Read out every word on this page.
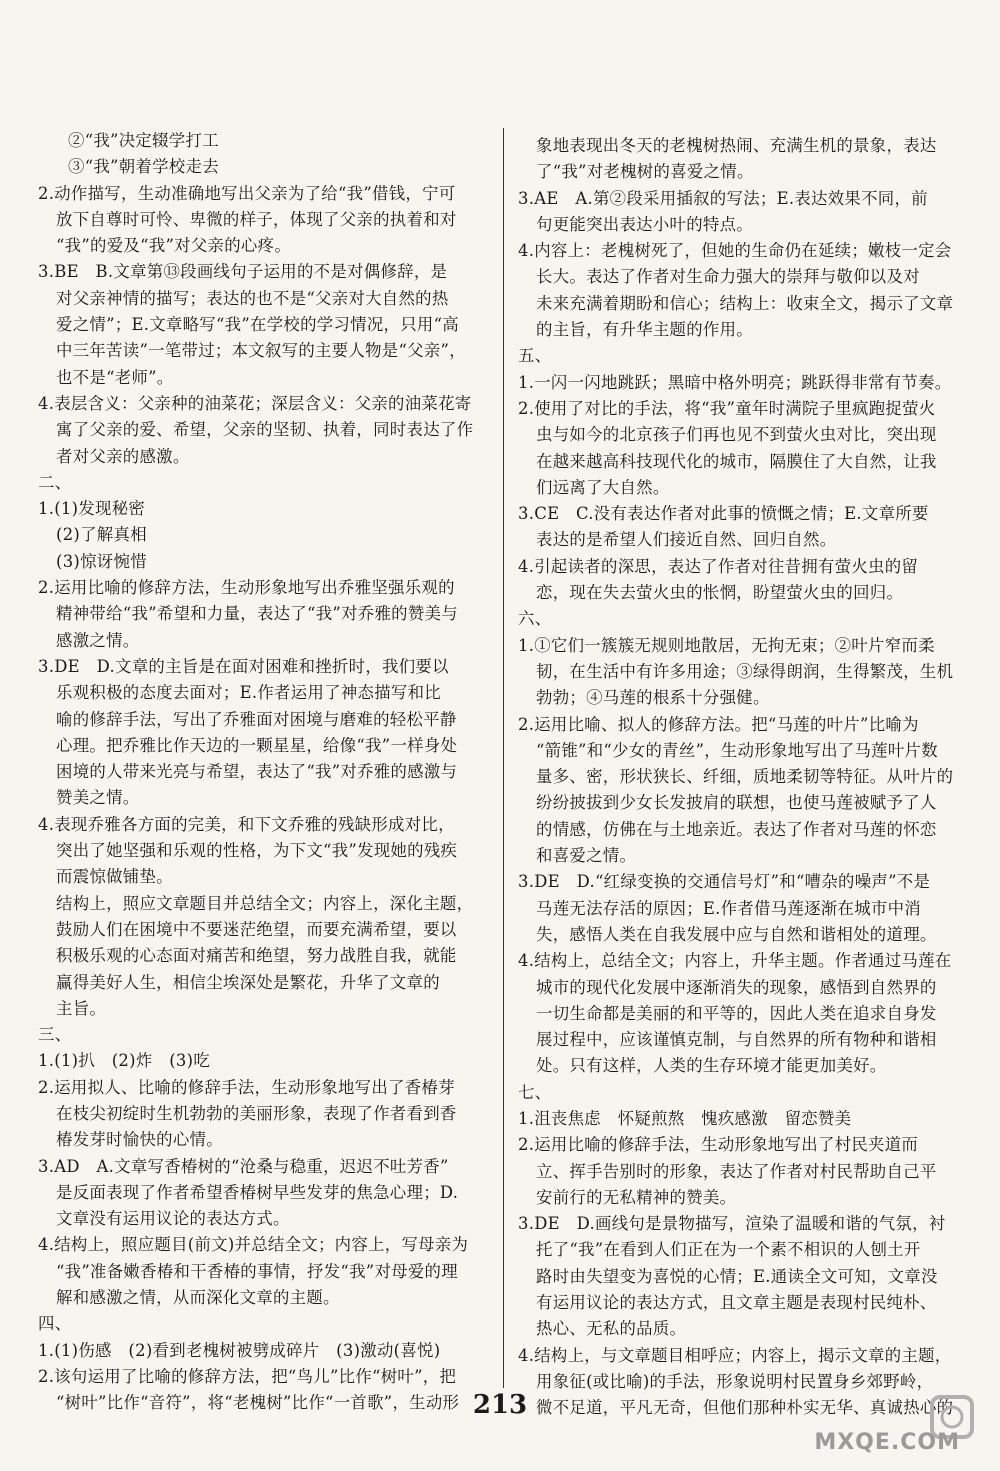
②“我”决定辍学打工
③“我”朝着学校走去
2.动作描写，生动准确地写出父亲为了给“我”借钱，宁可
放下自尊时可怜、卑微的样子，体现了父亲的执着和对
“我”的爱及“我”对父亲的心疼。
3.BE　B.文章第⑬段画线句子运用的不是对偶修辞，是
对父亲神情的描写；表达的也不是“父亲对大自然的热
爱之情”；E.文章略写“我”在学校的学习情况，只用“高
中三年苦读”一笔带过；本文叙写的主要人物是“父亲”，
也不是“老师”。
4.表层含义：父亲种的油菜花；深层含义：父亲的油菜花寄
寓了父亲的爱、希望，父亲的坚韧、执着，同时表达了作
者对父亲的感激。
二、
1.(1)发现秘密
(2)了解真相
(3)惊讶惋惜
2.运用比喻的修辞方法，生动形象地写出乔雅坚强乐观的
精神带给“我”希望和力量，表达了“我”对乔雅的赞美与
感激之情。
3.DE　D.文章的主旨是在面对困难和挫折时，我们要以
乐观积极的态度去面对；E.作者运用了神态描写和比
喻的修辞手法，写出了乔雅面对困境与磨难的轻松平静
心理。把乔雅比作天边的一颗星星，给像“我”一样身处
困境的人带来光亮与希望，表达了“我”对乔雅的感激与
赞美之情。
4.表现乔雅各方面的完美，和下文乔雅的残缺形成对比，
突出了她坚强和乐观的性格，为下文“我”发现她的残疾
而震惊做铺垫。
结构上，照应文章题目并总结全文；内容上，深化主题，
鼓励人们在困境中不要迷茫绝望，而要充满希望，要以
积极乐观的心态面对痛苦和绝望，努力战胜自我，就能
赢得美好人生，相信尘埃深处是繁花，升华了文章的
主旨。
三、
1.(1)扒　(2)炸　(3)吃
2.运用拟人、比喻的修辞手法，生动形象地写出了香椿芽
在枝尖初绽时生机勃勃的美丽形象，表现了作者看到香
椿发芽时愉快的心情。
3.AD　A.文章写香椿树的“沧桑与稳重，迟迟不吐芳香”
是反面表现了作者希望香椿树早些发芽的焦急心理；D.
文章没有运用议论的表达方式。
4.结构上，照应题目(前文)并总结全文；内容上，写母亲为
“我”准备嫩香椿和干香椿的事情，抒发“我”对母爱的理
解和感激之情，从而深化文章的主题。
四、
1.(1)伤感　(2)看到老槐树被劈成碎片　(3)激动(喜悦)
2.该句运用了比喻的修辞方法，把“鸟儿”比作“树叶”，把
“树叶”比作“音符”，将“老槐树”比作“一首歌”，生动形
象地表现出冬天的老槐树热闹、充满生机的景象，表达
了“我”对老槐树的喜爱之情。
3.AE　A.第②段采用插叙的写法；E.表达效果不同，前
句更能突出表达小叶的特点。
4.内容上：老槐树死了，但她的生命仍在延续；嫩枝一定会
长大。表达了作者对生命力强大的崇拜与敬仰以及对
未来充满着期盼和信心；结构上：收束全文，揭示了文章
的主旨，有升华主题的作用。
五、
1.一闪一闪地跳跃；黑暗中格外明亮；跳跃得非常有节奏。
2.使用了对比的手法，将“我”童年时满院子里疯跑捉萤火
虫与如今的北京孩子们再也见不到萤火虫对比，突出现
在越来越高科技现代化的城市，隔膜住了大自然，让我
们远离了大自然。
3.CE　C.没有表达作者对此事的愤慨之情；E.文章所要
表达的是希望人们接近自然、回归自然。
4.引起读者的深思，表达了作者对往昔拥有萤火虫的留
恋，现在失去萤火虫的怅惘，盼望萤火虫的回归。
六、
1.①它们一簇簇无规则地散居，无拘无束；②叶片窄而柔
韧，在生活中有许多用途；③绿得朗润，生得繁茂，生机
勃勃；④马莲的根系十分强健。
2.运用比喻、拟人的修辞方法。把“马莲的叶片”比喻为
“箭锥”和“少女的青丝”，生动形象地写出了马莲叶片数
量多、密，形状狭长、纤细，质地柔韧等特征。从叶片的
纷纷披拔到少女长发披肩的联想，也使马莲被赋予了人
的情感，仿佛在与土地亲近。表达了作者对马莲的怀恋
和喜爱之情。
3.DE　D.“红绿变换的交通信号灯”和“嘈杂的噪声”不是
马莲无法存活的原因；E.作者借马莲逐渐在城市中消
失，感悟人类在自我发展中应与自然和谐相处的道理。
4.结构上，总结全文；内容上，升华主题。作者通过马莲在
城市的现代化发展中逐渐消失的现象，感悟到自然界的
一切生命都是美丽的和平等的，因此人类在追求自身发
展过程中，应该谨慎克制，与自然界的所有物种和谐相
处。只有这样，人类的生存环境才能更加美好。
七、
1.沮丧焦虑　怀疑煎熬　愧疚感激　留恋赞美
2.运用比喻的修辞手法，生动形象地写出了村民夹道而
立、挥手告别时的形象，表达了作者对村民帮助自己平
安前行的无私精神的赞美。
3.DE　D.画线句是景物描写，渲染了温暖和谐的气氛，衬
托了“我”在看到人们正在为一个素不相识的人刨土开
路时由失望变为喜悦的心情；E.通读全文可知，文章没
有运用议论的表达方式，且文章主题是表现村民纯朴、
热心、无私的品质。
4.结构上，与文章题目相呼应；内容上，揭示文章的主题，
用象征(或比喻)的手法，形象说明村民置身乡郊野岭，
微不足道，平凡无奇，但他们那种朴实无华、真诚热心的
213
MXQE.COM
